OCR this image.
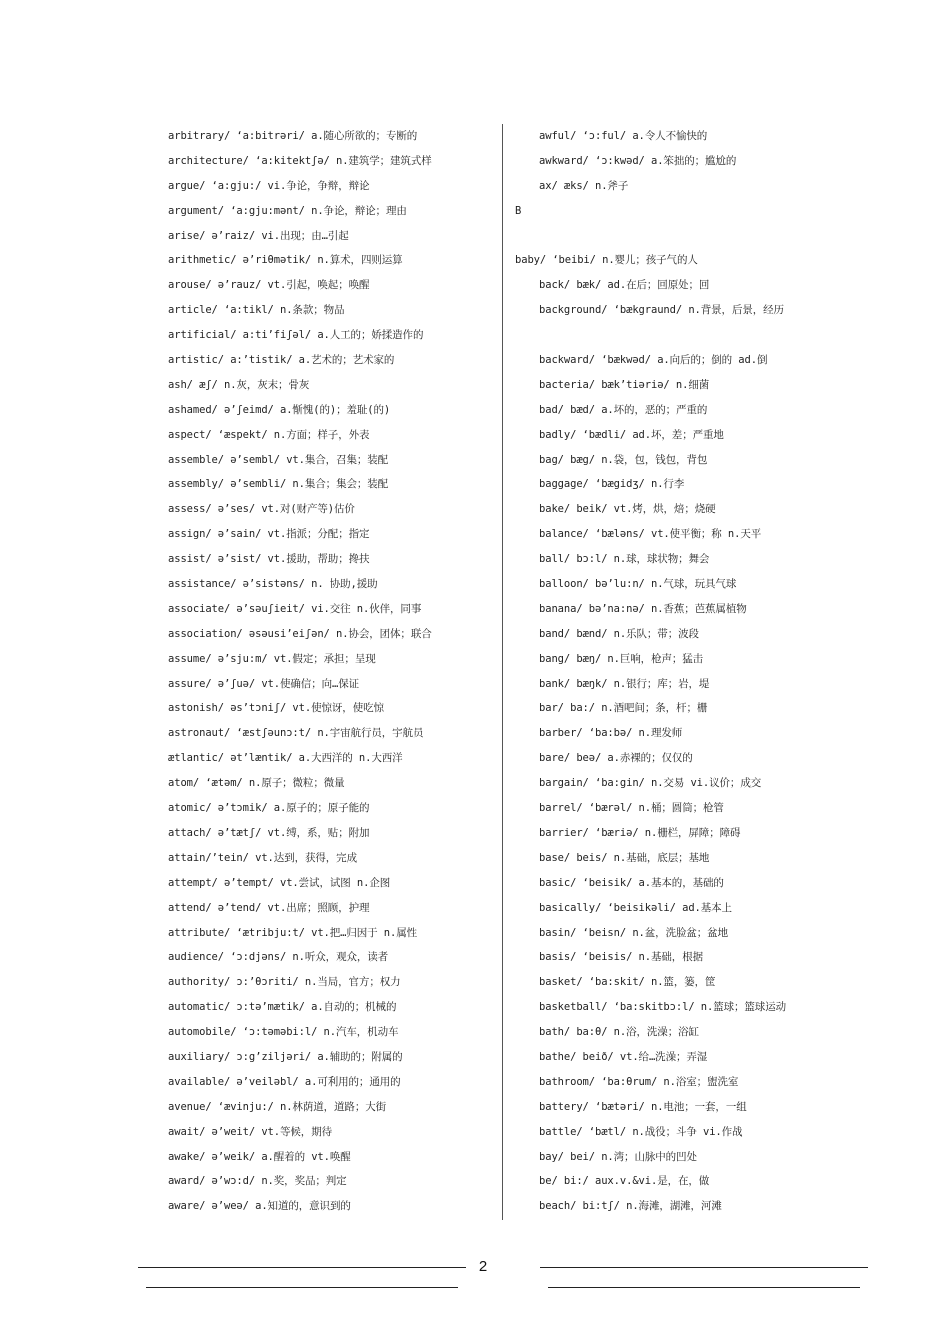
arbitrary/ ‘a:bitrəri/ a.随心所欲的；专断的
architecture/ ‘a:kitektʃə/ n.建筑学；建筑式样
argue/ ‘a:gju:/ vi.争论，争辩，辩论
argument/ ‘a:gju:mənt/ n.争论，辩论；理由
arise/ ə’raiz/ vi.出现；由…引起
arithmetic/ ə’riθmətik/ n.算术，四则运算
arouse/ ə’rauz/ vt.引起，唤起；唤醒
article/ ‘a:tikl/ n.条款；物品
artificial/ a:ti’fiʃəl/ a.人工的；娇揉造作的
artistic/ a:’tistik/ a.艺术的；艺术家的
ash/ æʃ/ n.灰，灰末；骨灰
ashamed/ ə’ʃeimd/ a.惭愧(的)；羞耻(的)
aspect/ ‘æspekt/ n.方面；样子，外表
assemble/ ə’sembl/ vt.集合，召集；装配
assembly/ ə’sembli/ n.集合；集会；装配
assess/ ə’ses/ vt.对(财产等)估价
assign/ ə’sain/ vt.指派；分配；指定
assist/ ə’sist/ vt.援助，帮助；搀扶
assistance/ ə’sistəns/ n. 协助,援助
associate/ ə’səuʃieit/ vi.交往 n.伙伴，同事
association/ əsəusi’eiʃən/ n.协会，团体；联合
assume/ ə’sju:m/ vt.假定；承担；呈现
assure/ ə’ʃuə/ vt.使确信；向…保证
astonish/ əs’tɔniʃ/ vt.使惊讶，使吃惊
astronaut/ ‘æstʃəunɔ:t/ n.宇宙航行员，宇航员
ætlantic/ ət’læntik/ a.大西洋的 n.大西洋
atom/ ‘ætəm/ n.原子；微粒；微量
atomic/ ə’tɔmik/ a.原子的；原子能的
attach/ ə’tætʃ/ vt.缚，系，贴；附加
attain/’tein/ vt.达到，获得，完成
attempt/ ə’tempt/ vt.尝试，试图 n.企图
attend/ ə’tend/ vt.出席；照顾，护理
attribute/ ‘ætribju:t/ vt.把…归因于 n.属性
audience/ ‘ɔ:djəns/ n.听众，观众，读者
authority/ ɔ:’θɔriti/ n.当局，官方；权力
automatic/ ɔ:tə’mætik/ a.自动的；机械的
automobile/ ‘ɔ:təməbi:l/ n.汽车，机动车
auxiliary/ ɔ:g’ziljəri/ a.辅助的；附属的
available/ ə’veiləbl/ a.可利用的；通用的
avenue/ ‘ævinju:/ n.林荫道，道路；大街
await/ ə’weit/ vt.等候，期待
awake/ ə’weik/ a.醒着的 vt.唤醒
award/ ə’wɔ:d/ n.奖，奖品；判定
aware/ ə’weə/ a.知道的，意识到的
awful/ ‘ɔ:ful/ a.令人不愉快的
awkward/ ‘ɔ:kwəd/ a.笨拙的；尴尬的
ax/ æks/ n.斧子
B
baby/ ‘beibi/ n.婴儿；孩子气的人
back/ bæk/ ad.在后；回原处；回
background/ ‘bækgraund/ n.背景，后景，经历
backward/ ‘bækwəd/ a.向后的；倒的 ad.倒
bacteria/ bæk’tiəriə/ n.细菌
bad/ bæd/ a.坏的，恶的；严重的
badly/ ‘bædli/ ad.坏，差；严重地
bag/ bæg/ n.袋，包，钱包，背包
baggage/ ‘bægidʒ/ n.行李
bake/ beik/ vt.烤，烘，焙；烧硬
balance/ ‘bæləns/ vt.使平衡；称 n.天平
ball/ bɔ:l/ n.球，球状物；舞会
balloon/ bə’lu:n/ n.气球，玩具气球
banana/ bə’na:nə/ n.香蕉；芭蕉属植物
band/ bænd/ n.乐队；带；波段
bang/ bæŋ/ n.巨响，枪声；猛击
bank/ bæŋk/ n.银行；库；岩，堤
bar/ ba:/ n.酒吧间；条，杆；栅
barber/ ‘ba:bə/ n.理发师
bare/ beə/ a.赤裸的；仅仅的
bargain/ ‘ba:gin/ n.交易 vi.议价；成交
barrel/ ‘bærəl/ n.桶；圆筒；枪管
barrier/ ‘bæriə/ n.栅栏，屏障；障碍
base/ beis/ n.基础，底层；基地
basic/ ‘beisik/ a.基本的，基础的
basically/ ‘beisikəli/ ad.基本上
basin/ ‘beisn/ n.盆，洗脸盆；盆地
basis/ ‘beisis/ n.基础，根据
basket/ ‘ba:skit/ n.篮，篓，筐
basketball/ ‘ba:skitbɔ:l/ n.篮球；篮球运动
bath/ ba:θ/ n.浴，洗澡；浴缸
bathe/ beið/ vt.给…洗澡；弄湿
bathroom/ ‘ba:θrum/ n.浴室；盥洗室
battery/ ‘bætəri/ n.电池；一套，一组
battle/ ‘bætl/ n.战役；斗争 vi.作战
bay/ bei/ n.湾；山脉中的凹处
be/ bi:/ aux.v.&vi.是，在，做
beach/ bi:tʃ/ n.海滩，湖滩，河滩
2
